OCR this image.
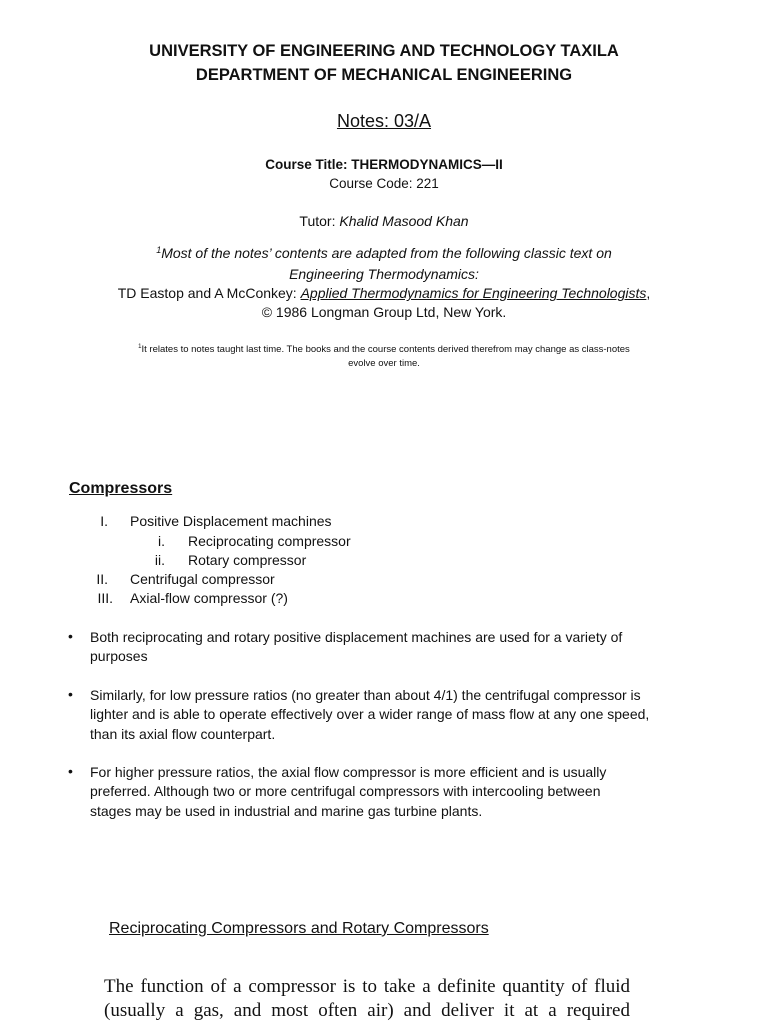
UNIVERSITY OF ENGINEERING AND TECHNOLOGY TAXILA
DEPARTMENT OF MECHANICAL ENGINEERING
Notes: 03/A
Course Title: THERMODYNAMICS—II
Course Code: 221
Tutor: Khalid Masood Khan
$^1$Most of the notes’ contents are adapted from the following classic text on
Engineering Thermodynamics:
TD Eastop and A McConkey: Applied Thermodynamics for Engineering Technologists,
© 1986 Longman Group Ltd, New York.
$^1$It relates to notes taught last time. The books and the course contents derived therefrom may change as class-notes
evolve over time.
Compressors
I. Positive Displacement machines
i. Reciprocating compressor
ii. Rotary compressor
II. Centrifugal compressor
III. Axial-flow compressor (?)
• Both reciprocating and rotary positive displacement machines are used for a variety of
purposes
• Similarly, for low pressure ratios (no greater than about 4/1) the centrifugal compressor is
lighter and is able to operate effectively over a wider range of mass flow at any one speed,
than its axial flow counterpart.
• For higher pressure ratios, the axial flow compressor is more efficient and is usually
preferred. Although two or more centrifugal compressors with intercooling between
stages may be used in industrial and marine gas turbine plants.
Reciprocating Compressors and Rotary Compressors
The function of a compressor is to take a definite quantity of fluid
(usually a gas, and most often air) and deliver it at a required
